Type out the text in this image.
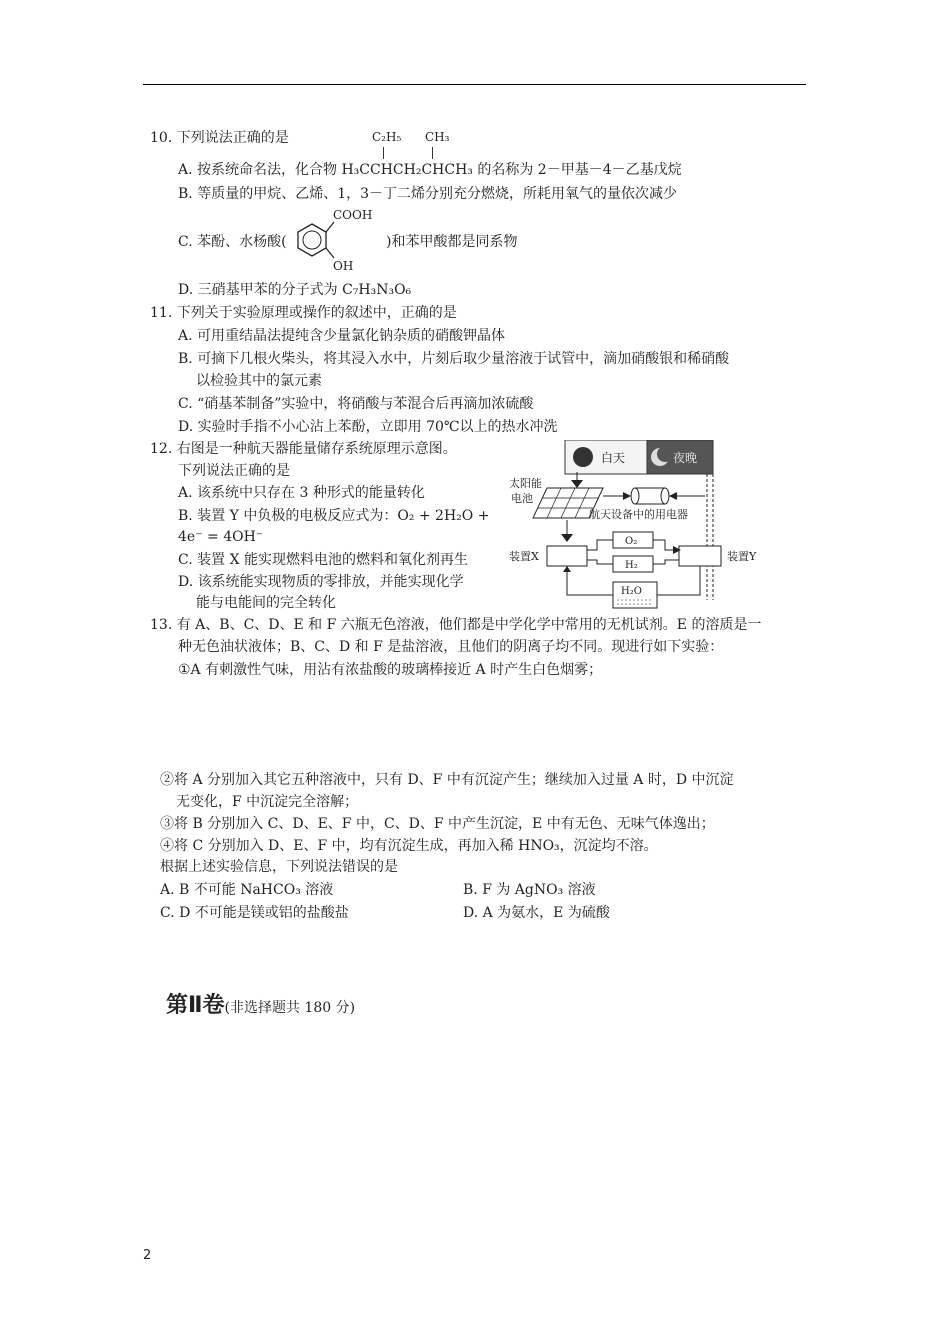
10. 下列说法正确的是	C₂H₅ CH₃
A. 按系统命名法，化合物 H₃CCHCH₂CHCH₃ 的名称为 2－甲基－4－乙基戊烷
B. 等质量的甲烷、乙烯、1，3－丁二烯分别充分燃烧，所耗用氧气的量依次减少
C. 苯酚、水杨酸(
COOH
OH
)和苯甲酸都是同系物
D. 三硝基甲苯的分子式为 C₇H₃N₃O₆
11. 下列关于实验原理或操作的叙述中，正确的是
A. 可用重结晶法提纯含少量氯化钠杂质的硝酸钾晶体
B. 可摘下几根火柴头，将其浸入水中，片刻后取少量溶液于试管中，滴加硝酸银和稀硝酸
以检验其中的氯元素
C. “硝基苯制备”实验中，将硝酸与苯混合后再滴加浓硫酸
D. 实验时手指不小心沾上苯酚，立即用 70℃以上的热水冲洗
12. 右图是一种航天器能量储存系统原理示意图。
下列说法正确的是
A. 该系统中只存在 3 种形式的能量转化
B. 装置 Y 中负极的电极反应式为：O₂ + 2H₂O +
4e⁻ = 4OH⁻
C. 装置 X 能实现燃料电池的燃料和氧化剂再生
D. 该系统能实现物质的零排放，并能实现化学
能与电能间的完全转化
白天	夜晚
太阳能
电池
航天设备中的用电器
装置X	装置Y
O₂
H₂
H₂O
13. 有 A、B、C、D、E 和 F 六瓶无色溶液，他们都是中学化学中常用的无机试剂。E 的溶质是一
种无色油状液体；B、C、D 和 F 是盐溶液，且他们的阴离子均不同。现进行如下实验：
①A 有刺激性气味，用沾有浓盐酸的玻璃棒接近 A 时产生白色烟雾；
②将 A 分别加入其它五种溶液中，只有 D、F 中有沉淀产生；继续加入过量 A 时，D 中沉淀
无变化，F 中沉淀完全溶解；
③将 B 分别加入 C、D、E、F 中，C、D、F 中产生沉淀，E 中有无色、无味气体逸出；
④将 C 分别加入 D、E、F 中，均有沉淀生成，再加入稀 HNO₃，沉淀均不溶。
根据上述实验信息，下列说法错误的是
A. B 不可能 NaHCO₃ 溶液	B. F 为 AgNO₃ 溶液
C. D 不可能是镁或铝的盐酸盐	D. A 为氨水，E 为硫酸
第Ⅱ卷(非选择题共 180 分)
2
